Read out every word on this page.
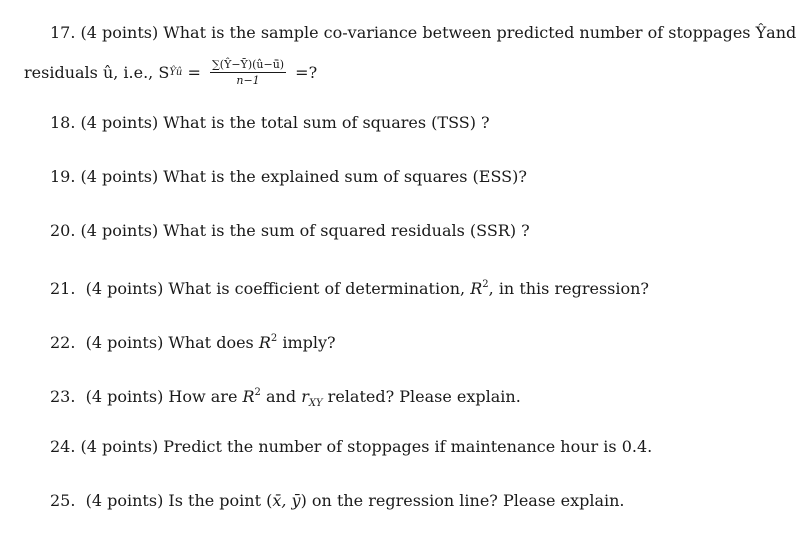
17. (4 points) What is the sample co-variance between predicted number of stoppages Ŷ and
residuals û, i.e., S Ŷû = $\frac{\sum(Ŷ-Ȳ)(û-ū̄)}{n-1}$ =?
18. (4 points) What is the total sum of squares (TSS) ?
19. (4 points) What is the explained sum of squares (ESS)?
20. (4 points) What is the sum of squared residuals (SSR) ?
21.  (4 points) What is coefficient of determination, $R^2$, in this regression?
22.  (4 points) What does $R^2$ imply?
23.  (4 points) How are $R^2$ and $r_{XY}$ related? Please explain.
24. (4 points) Predict the number of stoppages if maintenance hour is 0.4.
25.  (4 points) Is the point (x̄, ȳ) on the regression line? Please explain.
